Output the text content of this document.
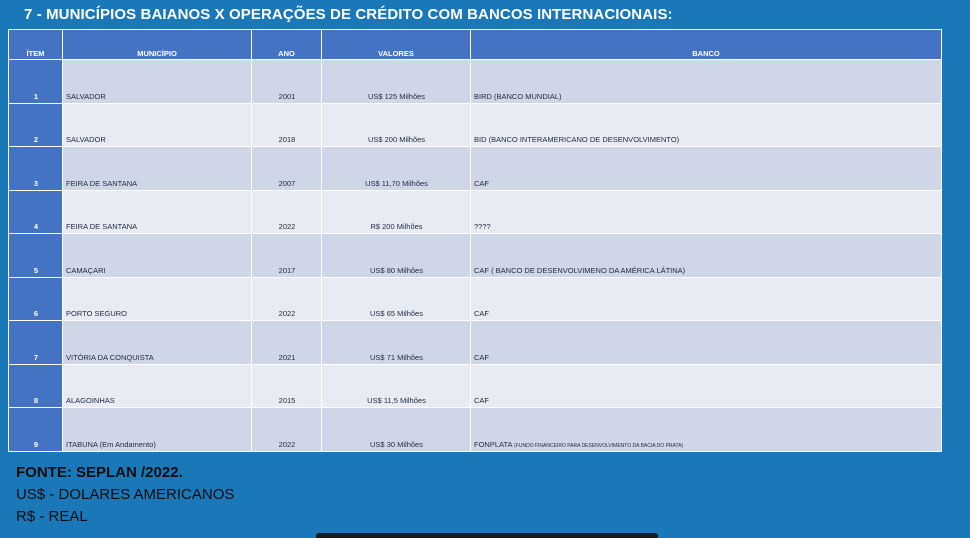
7 - MUNICÍPIOS BAIANOS X OPERAÇÕES DE CRÉDITO COM BANCOS INTERNACIONAIS:
ÍTEM	MUNICÍPIO	ANO	VALORES	BANCO
1	SALVADOR	2001	US$ 125 Milhões	BIRD (BANCO MUNDIAL)
2	SALVADOR	2018	US$ 200 Milhões	BID (BANCO INTERAMERICANO DE DESENVOLVIMENTO)
3	FEIRA DE SANTANA	2007	US$ 11,70 Milhões	CAF
4	FEIRA DE SANTANA	2022	R$ 200 Milhões	????
5	CAMAÇARI	2017	US$ 80 Milhões	CAF ( BANCO DE DESENVOLVIMENO DA AMÉRICA LÁTINA)
6	PORTO SEGURO	2022	US$ 65 Milhões	CAF
7	VITÓRIA DA CONQUISTA	2021	US$ 71 Milhões	CAF
8	ALAGOINHAS	2015	US$ 11,5 Milhões	CAF
9	ITABUNA (Em Andamento)	2022	US$ 30 Milhões	FONPLATA (FUNDO FINANCEIRO PARA DESENVOLVIMENTO DA BACIA DO PRATA)
FONTE: SEPLAN /2022.
US$ - DOLARES AMERICANOS
R$ - REAL
